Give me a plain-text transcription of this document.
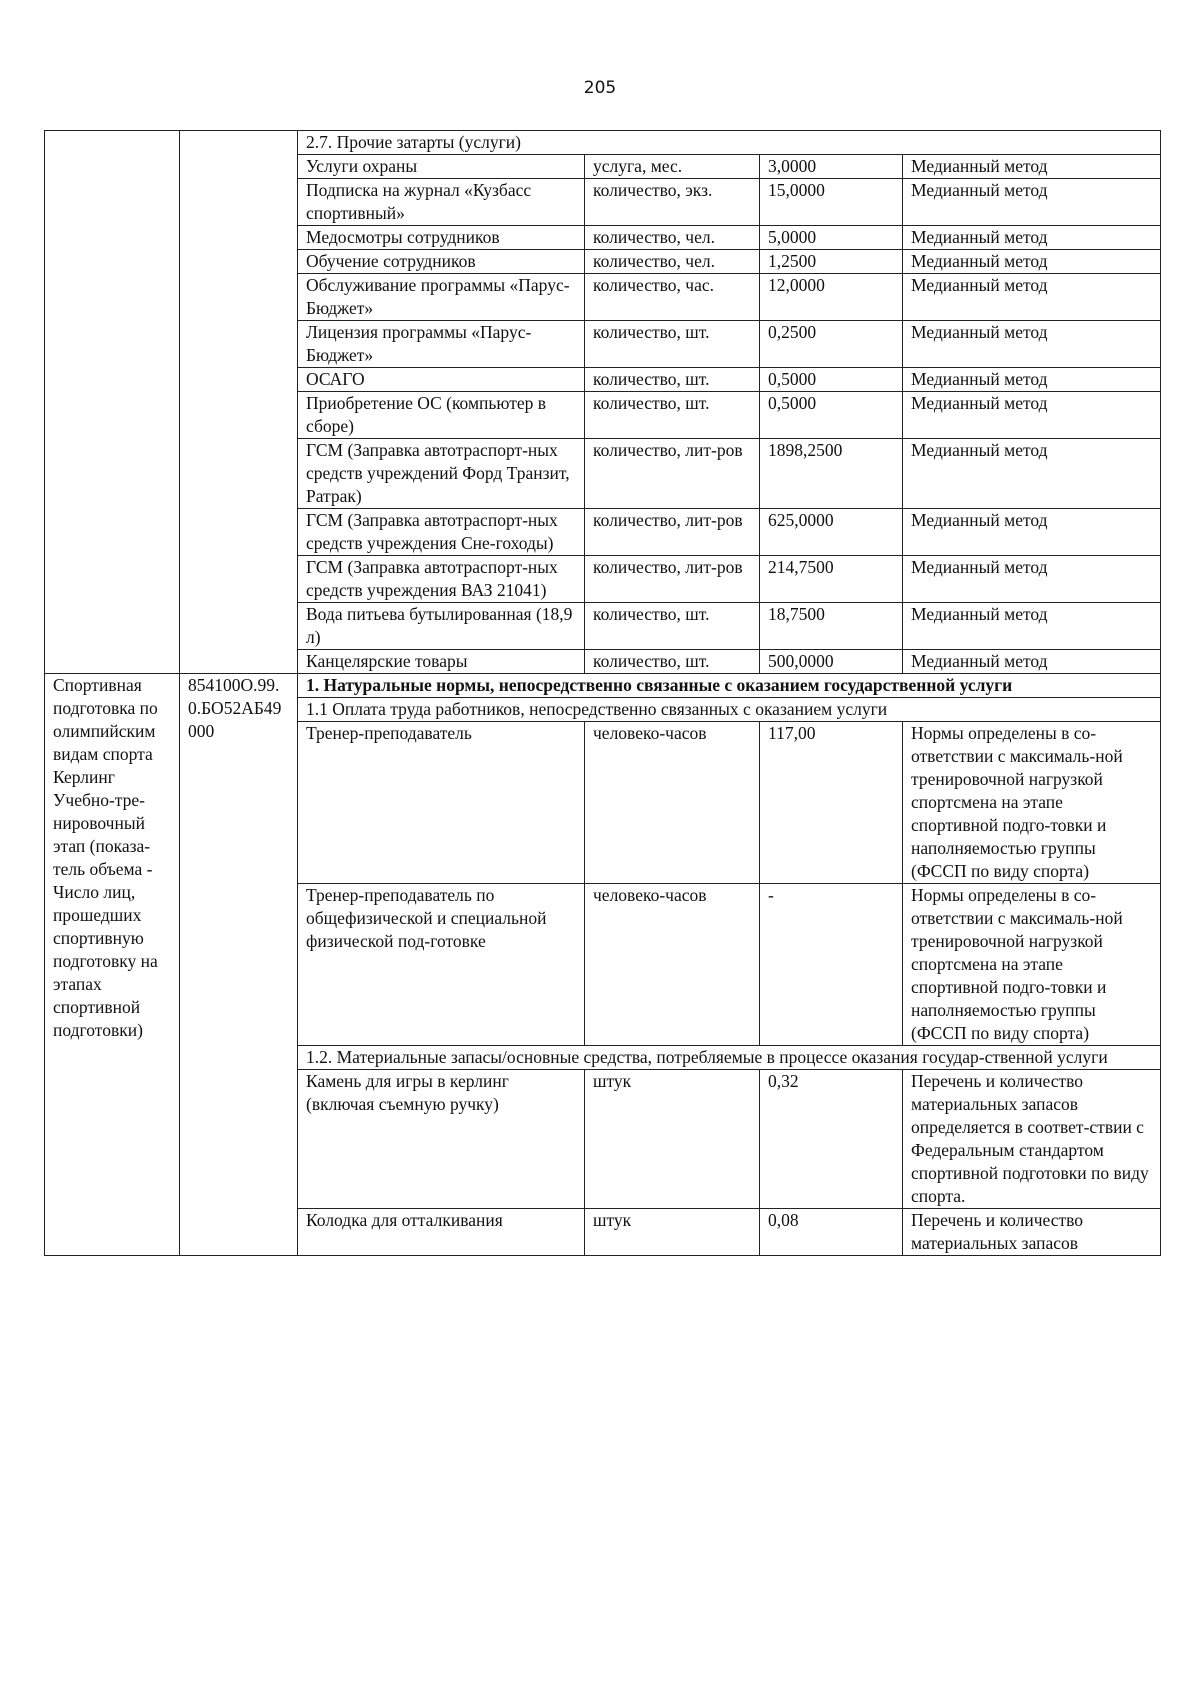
205
		2.7. Прочие затарты (услуги)			
		Услуги охраны	услуга, мес.	3,0000	Медианный метод
		Подписка на журнал «Кузбасс спортивный»	количество, экз.	15,0000	Медианный метод
		Медосмотры сотрудников	количество, чел.	5,0000	Медианный метод
		Обучение сотрудников	количество, чел.	1,2500	Медианный метод
		Обслуживание программы «Парус-Бюджет»	количество, час.	12,0000	Медианный метод
		Лицензия программы «Парус-Бюджет»	количество, шт.	0,2500	Медианный метод
		ОСАГО	количество, шт.	0,5000	Медианный метод
		Приобретение ОС (компьютер в сборе)	количество, шт.	0,5000	Медианный метод
		ГСМ (Заправка автотраспорт-ных средств учреждений Форд Транзит, Ратрак)	количество, лит-ров	1898,2500	Медианный метод
		ГСМ (Заправка автотраспорт-ных средств учреждения Сне-гоходы)	количество, лит-ров	625,0000	Медианный метод
		ГСМ (Заправка автотраспорт-ных средств учреждения ВАЗ 21041)	количество, лит-ров	214,7500	Медианный метод
		Вода питьева бутылированная (18,9 л)	количество, шт.	18,7500	Медианный метод
		Канцелярские товары	количество, шт.	500,0000	Медианный метод
Спортивная подготовка по олимпийским видам спорта Керлинг Учебно-тре-нировочный этап (показа-тель объема - Число лиц, прошедших спортивную подготовку на этапах спортивной подготовки)	854100О.99. 0.БО52АБ49 000	1. Натуральные нормы, непосредственно связанные с оказанием государственной услуги			
		1.1 Оплата труда работников, непосредственно связанных с оказанием услуги			
		Тренер-преподаватель	человеко-часов	117,00	Нормы определены в со-ответствии с максималь-ной тренировочной нагрузкой спортсмена на этапе спортивной подго-товки и наполняемостью группы (ФССП по виду спорта)
		Тренер-преподаватель по общефизической и специальной физической под-готовке	человеко-часов	-	Нормы определены в со-ответствии с максималь-ной тренировочной нагрузкой спортсмена на этапе спортивной подго-товки и наполняемостью группы (ФССП по виду спорта)
		1.2. Материальные запасы/основные средства, потребляемые в процессе оказания государ-ственной услуги			
		Камень для игры в керлинг (включая съемную ручку)	штук	0,32	Перечень и количество материальных запасов определяется в соответ-ствии с Федеральным стандартом спортивной подготовки по виду спорта.
		Колодка для отталкивания	штук	0,08	Перечень и количество материальных запасов
